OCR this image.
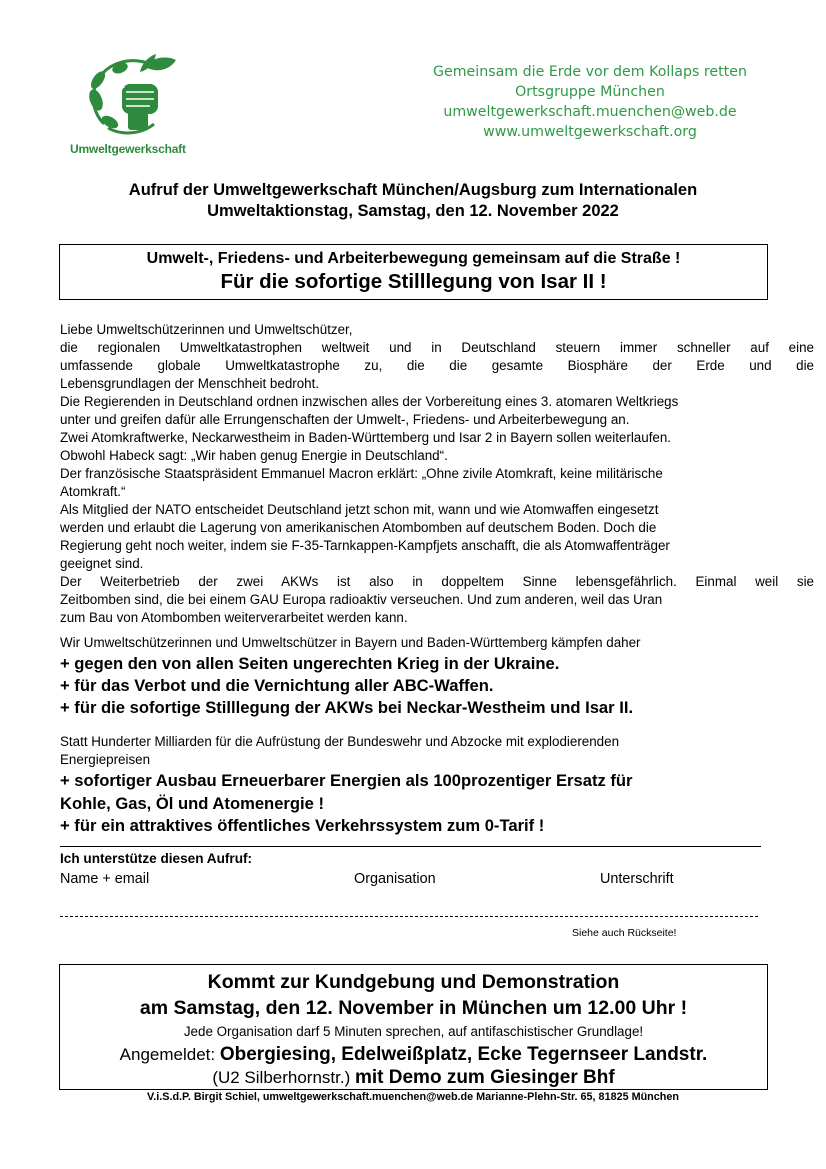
Umweltgewerkschaft
Gemeinsam die Erde vor dem Kollaps retten
Ortsgruppe München
umweltgewerkschaft.muenchen@web.de
www.umweltgewerkschaft.org
Aufruf der Umweltgewerkschaft München/Augsburg zum Internationalen
Umweltaktionstag, Samstag, den 12. November 2022
Umwelt-, Friedens- und Arbeiterbewegung gemeinsam auf die Straße !
Für die sofortige Stilllegung von Isar II !

Liebe Umweltschützerinnen und Umweltschützer,

die regionalen Umweltkatastrophen weltweit und in Deutschland steuern immer schneller auf eine

umfassende globale Umweltkatastrophe zu, die die gesamte Biosphäre der Erde und die

Lebensgrundlagen der Menschheit bedroht.

Die Regierenden in Deutschland ordnen inzwischen alles der Vorbereitung eines 3. atomaren Weltkriegs

unter und greifen dafür alle Errungenschaften der Umwelt-, Friedens- und Arbeiterbewegung an.

Zwei Atomkraftwerke, Neckarwestheim in Baden-Württemberg und Isar 2 in Bayern sollen weiterlaufen.

Obwohl Habeck sagt: „Wir haben genug Energie in Deutschland“.

Der französische Staatspräsident Emmanuel Macron erklärt: „Ohne zivile Atomkraft, keine militärische

Atomkraft.“

Als Mitglied der NATO entscheidet Deutschland jetzt schon mit, wann und wie Atomwaffen eingesetzt

werden und erlaubt die Lagerung von amerikanischen Atombomben auf deutschem Boden. Doch die

Regierung geht noch weiter, indem sie F-35-Tarnkappen-Kampfjets anschafft, die als Atomwaffenträger

geeignet sind.

Der Weiterbetrieb der zwei AKWs ist also in doppeltem Sinne lebensgefährlich. Einmal weil sie

Zeitbomben sind, die bei einem GAU Europa radioaktiv verseuchen. Und zum anderen, weil das Uran

zum Bau von Atombomben weiterverarbeitet werden kann.

Wir Umweltschützerinnen und Umweltschützer in Bayern und Baden-Württemberg kämpfen daher
+ gegen den von allen Seiten ungerechten Krieg in der Ukraine.
+ für das Verbot und die Vernichtung aller ABC-Waffen.
+ für die sofortige Stilllegung der AKWs bei Neckar-Westheim und Isar II.
Statt Hunderter Milliarden für die Aufrüstung der Bundeswehr und Abzocke mit explodierenden
Energiepreisen
+ sofortiger Ausbau Erneuerbarer Energien als 100prozentiger Ersatz für
Kohle, Gas, Öl und Atomenergie !
+ für ein attraktives öffentliches Verkehrssystem zum 0-Tarif !
Ich unterstütze diesen Aufruf:
Name + email	Organisation	Unterschrift
Siehe auch Rückseite!
Kommt zur Kundgebung und Demonstration
am Samstag, den 12. November in München um 12.00 Uhr !
Jede Organisation darf 5 Minuten sprechen, auf antifaschistischer Grundlage!
Angemeldet: Obergiesing, Edelweißplatz, Ecke Tegernseer Landstr.
(U2 Silberhornstr.) mit Demo zum Giesinger Bhf
V.i.S.d.P. Birgit Schiel, umweltgewerkschaft.muenchen@web.de Marianne-Plehn-Str. 65, 81825 München
